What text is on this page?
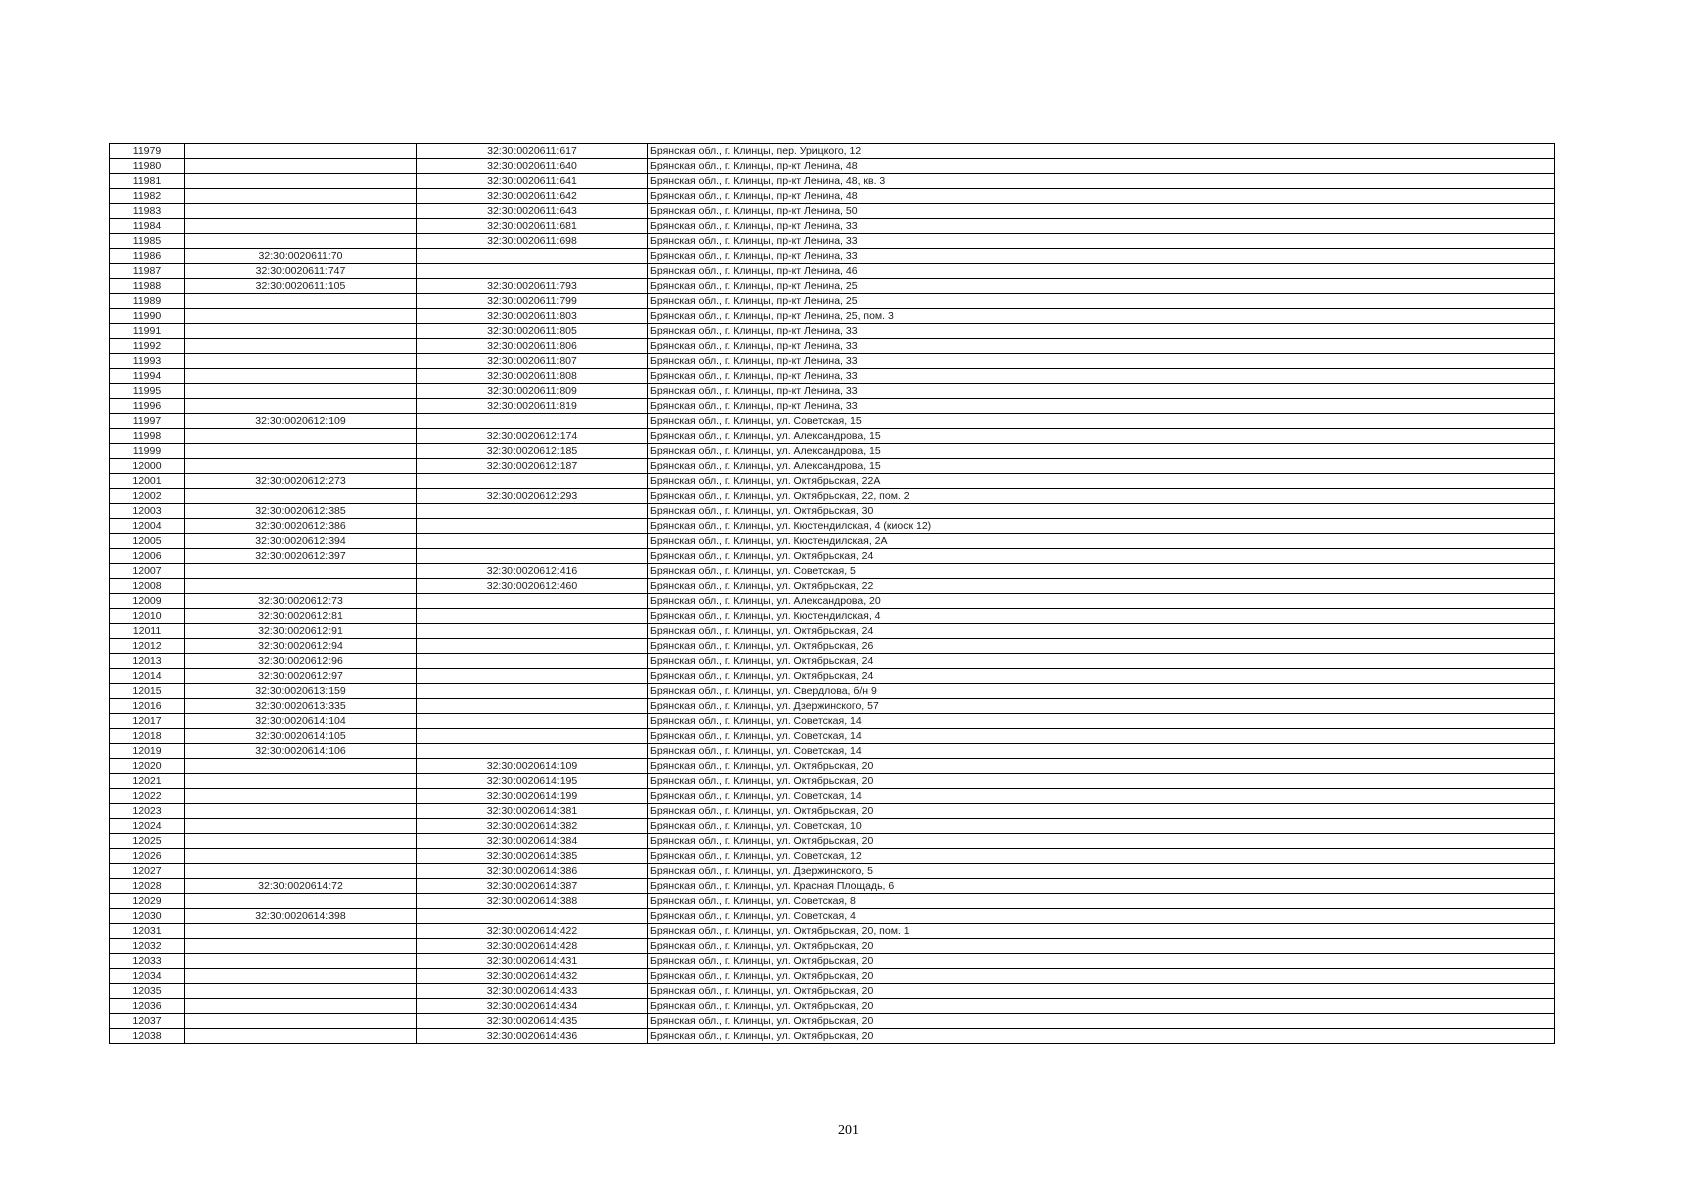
11979		32:30:0020611:617	Брянская обл., г. Клинцы, пер. Урицкого, 12
11980		32:30:0020611:640	Брянская обл., г. Клинцы, пр-кт Ленина, 48
11981		32:30:0020611:641	Брянская обл., г. Клинцы, пр-кт Ленина, 48, кв. 3
11982		32:30:0020611:642	Брянская обл., г. Клинцы, пр-кт Ленина, 48
11983		32:30:0020611:643	Брянская обл., г. Клинцы, пр-кт Ленина, 50
11984		32:30:0020611:681	Брянская обл., г. Клинцы, пр-кт Ленина, 33
11985		32:30:0020611:698	Брянская обл., г. Клинцы, пр-кт Ленина, 33
11986	32:30:0020611:70		Брянская обл., г. Клинцы, пр-кт Ленина, 33
11987	32:30:0020611:747		Брянская обл., г. Клинцы, пр-кт Ленина, 46
11988	32:30:0020611:105	32:30:0020611:793	Брянская обл., г. Клинцы, пр-кт Ленина, 25
11989		32:30:0020611:799	Брянская обл., г. Клинцы, пр-кт Ленина, 25
11990		32:30:0020611:803	Брянская обл., г. Клинцы, пр-кт Ленина, 25, пом. 3
11991		32:30:0020611:805	Брянская обл., г. Клинцы, пр-кт Ленина, 33
11992		32:30:0020611:806	Брянская обл., г. Клинцы, пр-кт Ленина, 33
11993		32:30:0020611:807	Брянская обл., г. Клинцы, пр-кт Ленина, 33
11994		32:30:0020611:808	Брянская обл., г. Клинцы, пр-кт Ленина, 33
11995		32:30:0020611:809	Брянская обл., г. Клинцы, пр-кт Ленина, 33
11996		32:30:0020611:819	Брянская обл., г. Клинцы, пр-кт Ленина, 33
11997	32:30:0020612:109		Брянская обл., г. Клинцы, ул. Советская, 15
11998		32:30:0020612:174	Брянская обл., г. Клинцы, ул. Александрова, 15
11999		32:30:0020612:185	Брянская обл., г. Клинцы, ул. Александрова, 15
12000		32:30:0020612:187	Брянская обл., г. Клинцы, ул. Александрова, 15
12001	32:30:0020612:273		Брянская обл., г. Клинцы, ул. Октябрьская, 22А
12002		32:30:0020612:293	Брянская обл., г. Клинцы, ул. Октябрьская, 22, пом. 2
12003	32:30:0020612:385		Брянская обл., г. Клинцы, ул. Октябрьская, 30
12004	32:30:0020612:386		Брянская обл., г. Клинцы, ул. Кюстендилская, 4 (киоск 12)
12005	32:30:0020612:394		Брянская обл., г. Клинцы, ул. Кюстендилская, 2А
12006	32:30:0020612:397		Брянская обл., г. Клинцы, ул. Октябрьская, 24
12007		32:30:0020612:416	Брянская обл., г. Клинцы, ул. Советская, 5
12008		32:30:0020612:460	Брянская обл., г. Клинцы, ул. Октябрьская, 22
12009	32:30:0020612:73		Брянская обл., г. Клинцы, ул. Александрова, 20
12010	32:30:0020612:81		Брянская обл., г. Клинцы, ул. Кюстендилская, 4
12011	32:30:0020612:91		Брянская обл., г. Клинцы, ул. Октябрьская, 24
12012	32:30:0020612:94		Брянская обл., г. Клинцы, ул. Октябрьская, 26
12013	32:30:0020612:96		Брянская обл., г. Клинцы, ул. Октябрьская, 24
12014	32:30:0020612:97		Брянская обл., г. Клинцы, ул. Октябрьская, 24
12015	32:30:0020613:159		Брянская обл., г. Клинцы, ул. Свердлова, б/н 9
12016	32:30:0020613:335		Брянская обл., г. Клинцы, ул. Дзержинского, 57
12017	32:30:0020614:104		Брянская обл., г. Клинцы, ул. Советская, 14
12018	32:30:0020614:105		Брянская обл., г. Клинцы, ул. Советская, 14
12019	32:30:0020614:106		Брянская обл., г. Клинцы, ул. Советская, 14
12020		32:30:0020614:109	Брянская обл., г. Клинцы, ул. Октябрьская, 20
12021		32:30:0020614:195	Брянская обл., г. Клинцы, ул. Октябрьская, 20
12022		32:30:0020614:199	Брянская обл., г. Клинцы, ул. Советская, 14
12023		32:30:0020614:381	Брянская обл., г. Клинцы, ул. Октябрьская, 20
12024		32:30:0020614:382	Брянская обл., г. Клинцы, ул. Советская, 10
12025		32:30:0020614:384	Брянская обл., г. Клинцы, ул. Октябрьская, 20
12026		32:30:0020614:385	Брянская обл., г. Клинцы, ул. Советская, 12
12027		32:30:0020614:386	Брянская обл., г. Клинцы, ул. Дзержинского, 5
12028	32:30:0020614:72	32:30:0020614:387	Брянская обл., г. Клинцы, ул. Красная Площадь, 6
12029		32:30:0020614:388	Брянская обл., г. Клинцы, ул. Советская, 8
12030	32:30:0020614:398		Брянская обл., г. Клинцы, ул. Советская, 4
12031		32:30:0020614:422	Брянская обл., г. Клинцы, ул. Октябрьская, 20, пом. 1
12032		32:30:0020614:428	Брянская обл., г. Клинцы, ул. Октябрьская, 20
12033		32:30:0020614:431	Брянская обл., г. Клинцы, ул. Октябрьская, 20
12034		32:30:0020614:432	Брянская обл., г. Клинцы, ул. Октябрьская, 20
12035		32:30:0020614:433	Брянская обл., г. Клинцы, ул. Октябрьская, 20
12036		32:30:0020614:434	Брянская обл., г. Клинцы, ул. Октябрьская, 20
12037		32:30:0020614:435	Брянская обл., г. Клинцы, ул. Октябрьская, 20
12038		32:30:0020614:436	Брянская обл., г. Клинцы, ул. Октябрьская, 20
201
